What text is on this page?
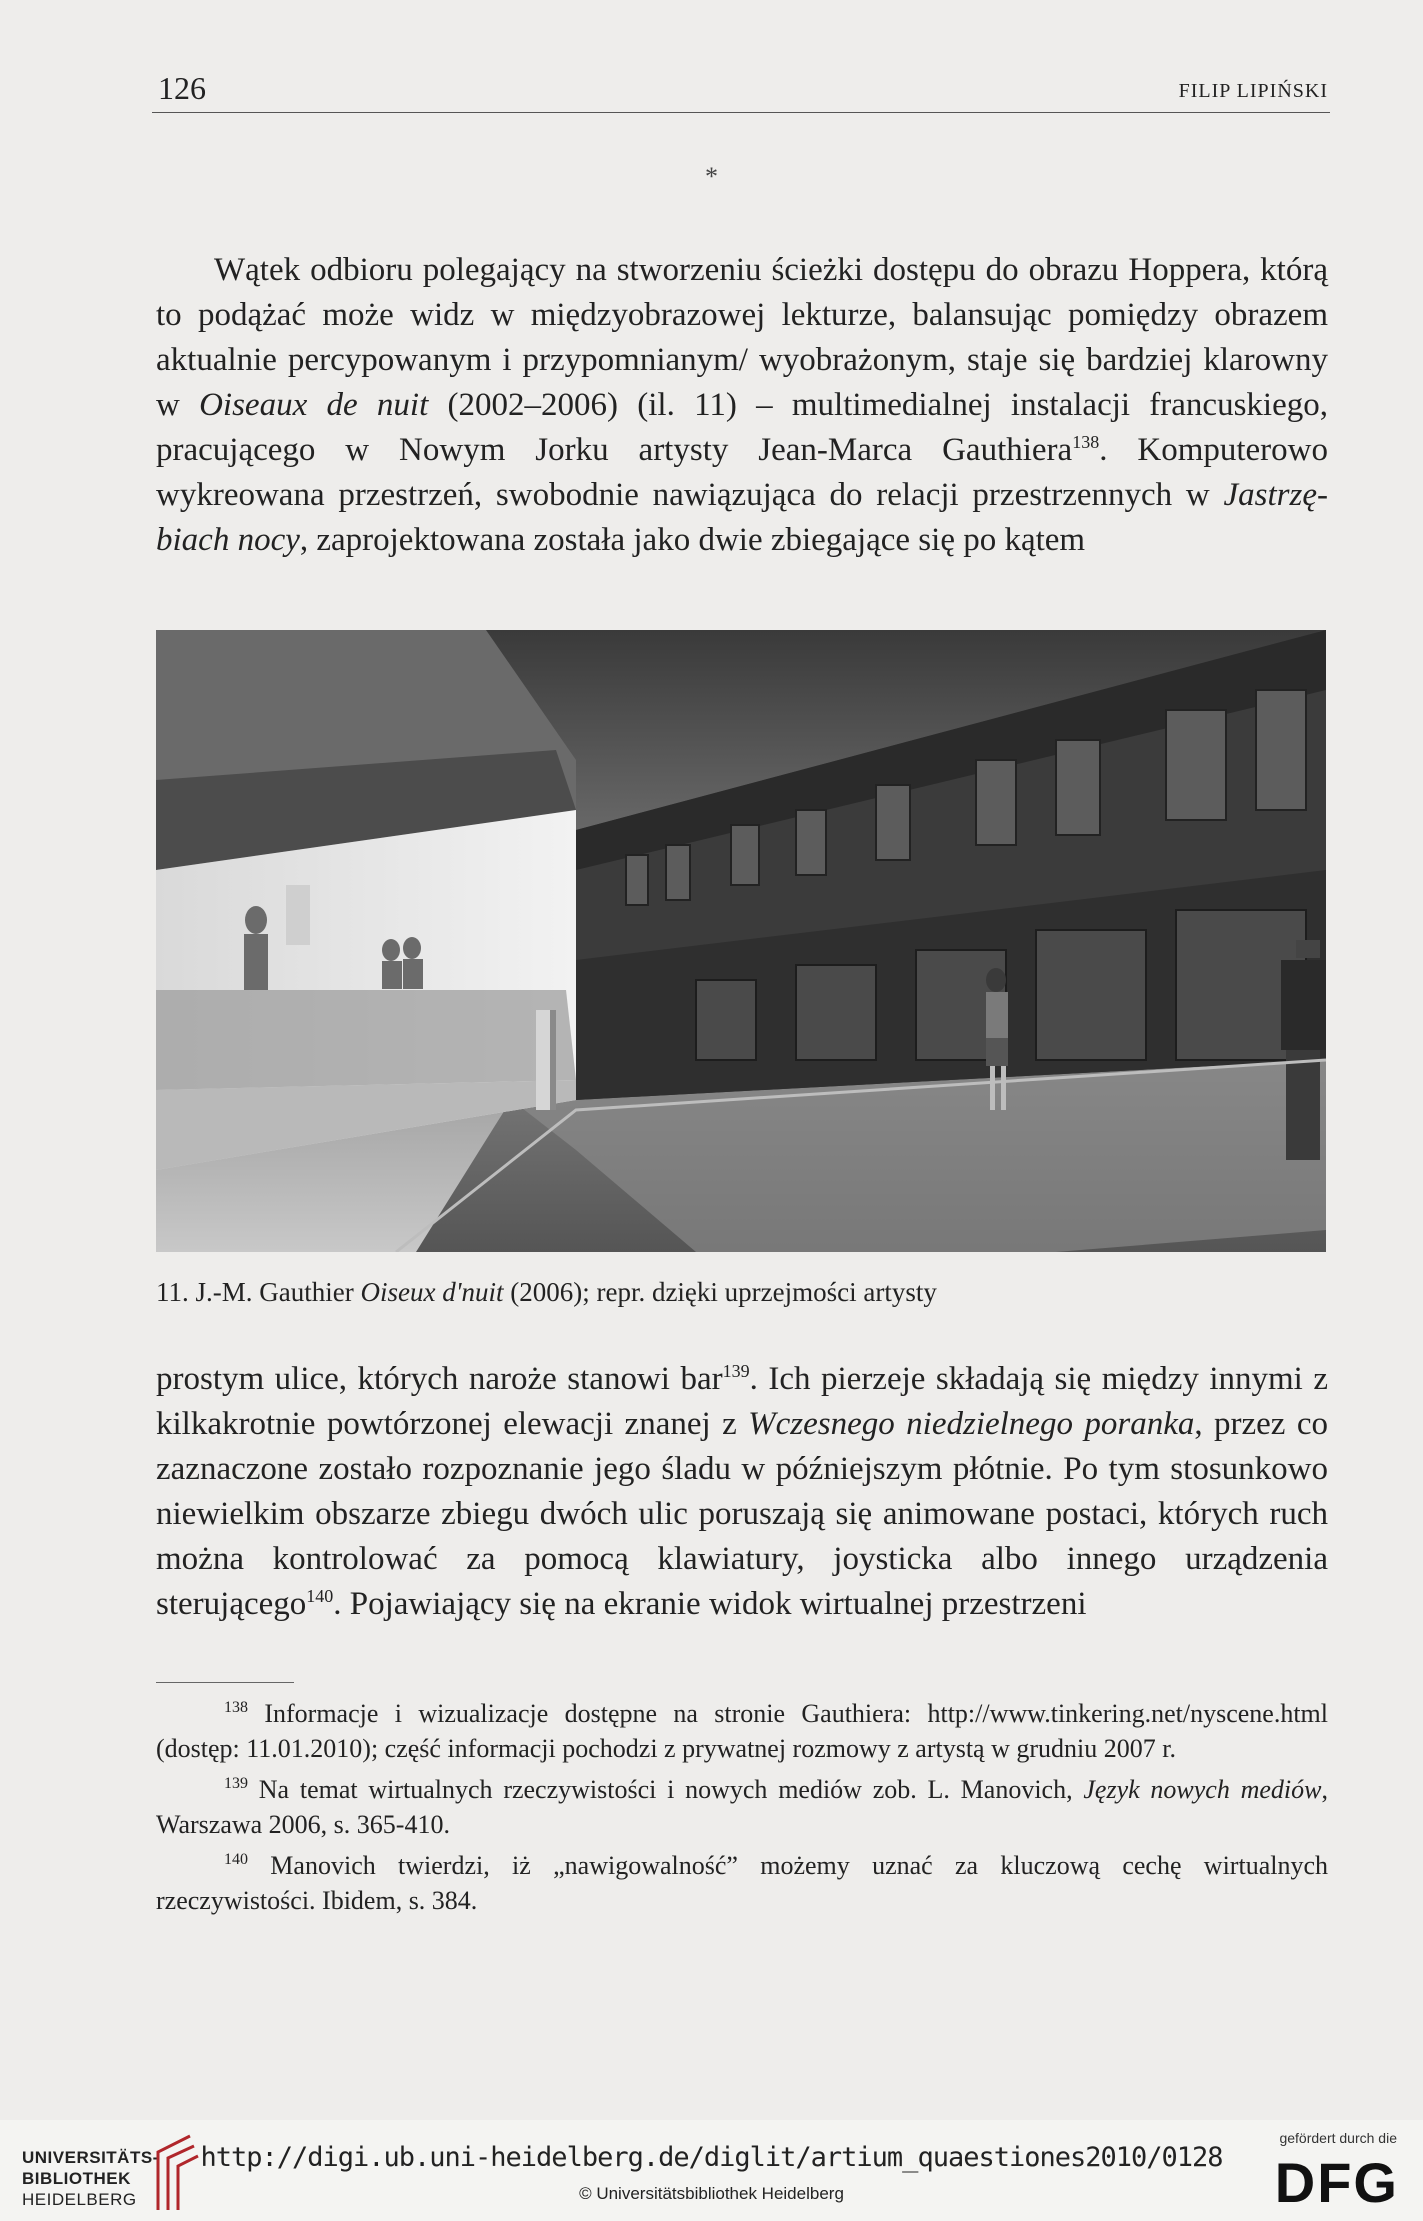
126	FILIP LIPIŃSKI
*

Wątek odbioru polegający na stworzeniu ścieżki dostępu do obrazu Hoppera, którą to podążać może widz w międzyobrazowej lekturze, balansując pomiędzy obrazem aktualnie percypowanym i przypomnianym/ wyobrażonym, staje się bardziej klarowny w Oiseaux de nuit (2002–2006) (il. 11) – multimedialnej instalacji francuskiego, pracującego w Nowym Jorku artysty Jean-Marca Gauthiera$^{138}$. Komputerowo wykreowana przestrzeń, swobodnie nawiązująca do relacji przestrzennych w Jastrzębiach nocy, zaprojektowana została jako dwie zbiegające się po kątem

11. J.-M. Gauthier Oiseux d'nuit (2006); repr. dzięki uprzejmości artysty

prostym ulice, których naroże stanowi bar$^{139}$. Ich pierzeje składają się między innymi z kilkakrotnie powtórzonej elewacji znanej z Wczesnego niedzielnego poranka, przez co zaznaczone zostało rozpoznanie jego śladu w późniejszym płótnie. Po tym stosunkowo niewielkim obszarze zbiegu dwóch ulic poruszają się animowane postaci, których ruch można kontrolować za pomocą klawiatury, joysticka albo innego urządzenia sterującego$^{140}$. Pojawiający się na ekranie widok wirtualnej przestrzeni

$^{138}$ Informacje i wizualizacje dostępne na stronie Gauthiera: http://www.tinkering.net/nyscene.html (dostęp: 11.01.2010); część informacji pochodzi z prywatnej rozmowy z artystą w grudniu 2007 r.

$^{139}$ Na temat wirtualnych rzeczywistości i nowych mediów zob. L. Manovich, Język nowych mediów, Warszawa 2006, s. 365-410.

$^{140}$ Manovich twierdzi, iż „nawigowalność” możemy uznać za kluczową cechę wirtualnych rzeczywistości. Ibidem, s. 384.

UNIVERSITÄTS-
BIBLIOTHEK
HEIDELBERG
http://digi.ub.uni-heidelberg.de/diglit/artium_quaestiones2010/0128
© Universitätsbibliothek Heidelberg
gefördert durch die
DFG
